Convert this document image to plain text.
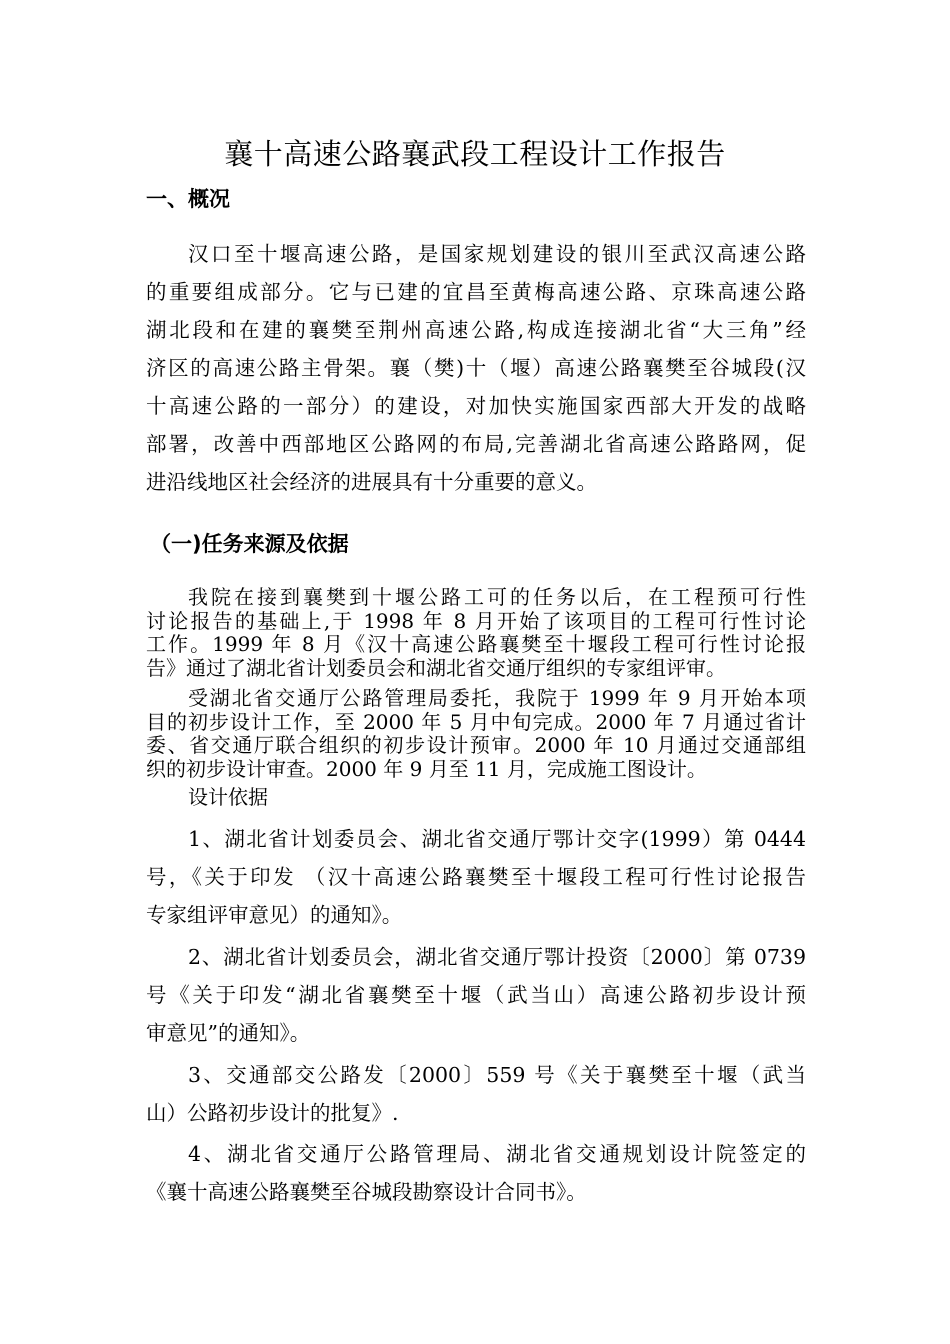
襄十高速公路襄武段工程设计工作报告
一、概况
汉口至十堰高速公路，是国家规划建设的银川至武汉高速公路
的重要组成部分。它与已建的宜昌至黄梅高速公路、京珠高速公路
湖北段和在建的襄樊至荆州高速公路,构成连接湖北省“大三角”经
济区的高速公路主骨架。襄（樊)十（堰）高速公路襄樊至谷城段(汉
十高速公路的一部分）的建设，对加快实施国家西部大开发的战略
部署，改善中西部地区公路网的布局,完善湖北省高速公路路网，促
进沿线地区社会经济的进展具有十分重要的意义。
（一)任务来源及依据
我院在接到襄樊到十堰公路工可的任务以后，在工程预可行性
讨论报告的基础上,于 1998 年 8 月开始了该项目的工程可行性讨论
工作。1999 年 8 月《汉十高速公路襄樊至十堰段工程可行性讨论报
告》通过了湖北省计划委员会和湖北省交通厅组织的专家组评审。
受湖北省交通厅公路管理局委托，我院于 1999 年 9 月开始本项
目的初步设计工作，至 2000 年 5 月中旬完成。2000 年 7 月通过省计
委、省交通厅联合组织的初步设计预审。2000 年 10 月通过交通部组
织的初步设计审查。2000 年 9 月至 11 月，完成施工图设计。
设计依据
1、湖北省计划委员会、湖北省交通厅鄂计交字(1999）第 0444
号，《关于印发 （汉十高速公路襄樊至十堰段工程可行性讨论报告
专家组评审意见）的通知》。
2、湖北省计划委员会，湖北省交通厅鄂计投资〔2000〕第 0739
号《关于印发“湖北省襄樊至十堰（武当山）高速公路初步设计预
审意见”的通知》。
3、交通部交公路发〔2000〕559 号《关于襄樊至十堰（武当
山）公路初步设计的批复》.
4、湖北省交通厅公路管理局、湖北省交通规划设计院签定的
《襄十高速公路襄樊至谷城段勘察设计合同书》。
